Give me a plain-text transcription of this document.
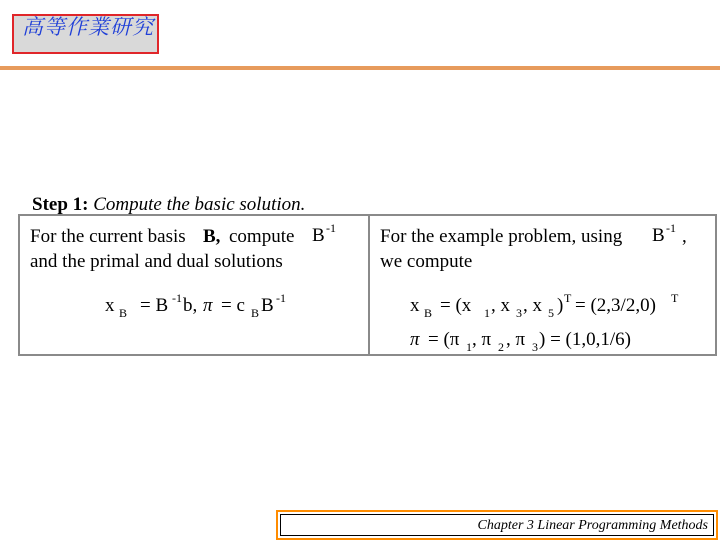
高等作業研究
Step 1: Compute the basic solution.
For the current basis B, compute B -1
and the primal and dual solutions
x B = B -1 b, π = c B B -1
For the example problem, using B -1 ,
we compute
x B = (x 1 , x 3 , x 5 ) T = (2,3/2,0) T
π = (π 1 , π 2 , π 3 ) = (1,0,1/6)
Chapter 3 Linear Programming Methods
